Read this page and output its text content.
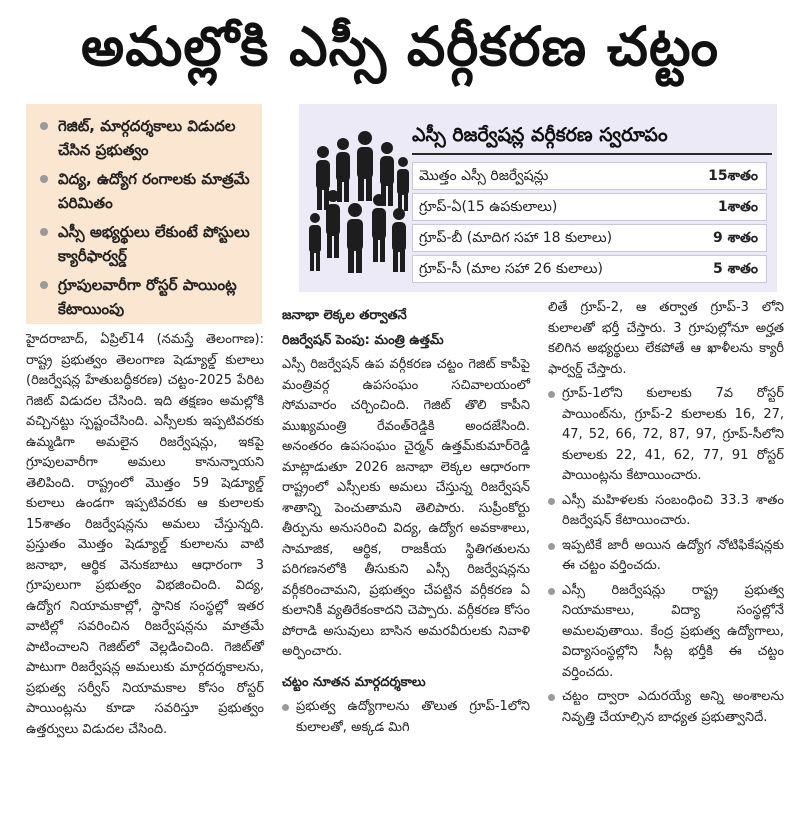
అమల్లోకి ఎస్సీ వర్గీకరణ చట్టం
గెజిట్, మార్గదర్శకాలు విడుదల చేసిన ప్రభుత్వం
విద్య, ఉద్యోగ రంగాలకు మాత్రమే పరిమితం
ఎస్సీ అభ్యర్థులు లేకుంటే పోస్టులు క్యారీఫార్వర్డ్
గ్రూపులవారీగా రోస్టర్ పాయింట్ల కేటాయింపు
ఎస్సీ రిజర్వేషన్ల వర్గీకరణ స్వరూపం
మొత్తం ఎస్సీ రిజర్వేషన్లు	15శాతం
గ్రూప్-ఏ(15 ఉపకులాలు)	1శాతం
గ్రూప్-బీ (మాదిగ సహా 18 కులాలు)	9 శాతం
గ్రూప్-సీ (మాల సహా 26 కులాలు)	5 శాతం

హైదరాబాద్, ఏప్రిల్14 (నమస్తే తెలంగాణ): రాష్ట్ర ప్రభుత్వం తెలంగాణ షెడ్యూల్డ్ కులాలు (రిజర్వేషన్ల హేతుబద్ధీకరణ) చట్టం-2025 పేరిట గెజిట్ విడుదల చేసింది. ఇది తక్షణం అమల్లోకి వచ్చినట్టు స్పష్టంచేసింది. ఎస్సీలకు ఇప్పటివరకు ఉమ్మడిగా అమలైన రిజర్వేషన్లు, ఇకపై గ్రూపులవారీగా అమలు కానున్నాయని తెలిపింది. రాష్ట్రంలో మొత్తం 59 షెడ్యూల్డ్ కులాలు ఉండగా ఇప్పటివరకు ఆ కులాలకు 15శాతం రిజర్వేషన్లను అమలు చేస్తున్నది. ప్రస్తుతం మొత్తం షెడ్యూల్డ్ కులాలను వాటి జనాభా, ఆర్థిక వెనుకబాటు ఆధారంగా 3 గ్రూపులుగా ప్రభుత్వం విభజించింది. విద్య, ఉద్యోగ నియామకాల్లో, స్థానిక సంస్థల్లో ఇతర వాటిల్లో సవరించిన రిజర్వేషన్లను మాత్రమే పాటించాలని గెజిట్‌లో వెల్లడించింది. గెజిట్‌తో పాటుగా రిజర్వేషన్ల అమలుకు మార్గదర్శకాలను, ప్రభుత్వ సర్వీస్ నియామకాల కోసం రోస్టర్ పాయింట్లను కూడా సవరిస్తూ ప్రభుత్వం ఉత్తర్వులు విడుదల చేసింది.

జనాభా లెక్కల తర్వాతనే
రిజర్వేషన్ పెంపు: మంత్రి ఉత్తమ్

ఎస్సీ రిజర్వేషన్ ఉప వర్గీకరణ చట్టం గెజిట్ కాపీపై మంత్రివర్గ ఉపసంఘం సచివాలయంలో సోమవారం చర్చించింది. గెజిట్ తొలి కాపీని ముఖ్యమంత్రి రేవంత్‌రెడ్డికి అందజేసింది. అనంతరం ఉపసంఘం చైర్మన్ ఉత్తమ్‌కుమార్‌రెడ్డి మాట్లాడుతూ 2026 జనాభా లెక్కల ఆధారంగా రాష్ట్రంలో ఎస్సీలకు అమలు చేస్తున్న రిజర్వేషన్ శాతాన్ని పెంచుతామని తెలిపారు. సుప్రీంకోర్టు తీర్పును అనుసరించి విద్య, ఉద్యోగ అవకాశాలు, సామాజిక, ఆర్థిక, రాజకీయ స్థితిగతులను పరిగణనలోకి తీసుకుని ఎస్సీ రిజర్వేషన్లను వర్గీకరించామని, ప్రభుత్వం చేపట్టిన వర్గీకరణ ఏ కులానికీ వ్యతిరేకంకాదని చెప్పారు. వర్గీకరణ కోసం పోరాడి అసువులు బాసిన అమరవీరులకు నివాళి అర్పించారు.

చట్టం నూతన మార్గదర్శకాలు
ప్రభుత్వ ఉద్యోగాలను తొలుత గ్రూప్-1లోని కులాలతో, అక్కడ మిగి

లితే గ్రూప్-2, ఆ తర్వాత గ్రూప్-3 లోని కులాలతో భర్తీ చేస్తారు. 3 గ్రూపుల్లోనూ అర్హత కలిగిన అభ్యర్థులు లేకపోతే ఆ ఖాళీలను క్యారీ ఫార్వర్డ్ చేస్తారు.

గ్రూప్-1లోని కులాలకు 7వ రోస్టర్ పాయింట్‌ను, గ్రూప్-2 కులాలకు 16, 27, 47, 52, 66, 72, 87, 97, గ్రూప్-సీలోని కులాలకు 22, 41, 62, 77, 91 రోస్టర్ పాయింట్లను కేటాయించారు.
ఎస్సీ మహిళలకు సంబంధించి 33.3 శాతం రిజర్వేషన్ కేటాయించారు.
ఇప్పటికే జారీ అయిన ఉద్యోగ నోటిఫికేషన్లకు ఈ చట్టం వర్తించదు.
ఎస్సీ రిజర్వేషన్లు రాష్ట్ర ప్రభుత్వ నియామకాలు, విద్యా సంస్థల్లోనే అమలవుతాయి. కేంద్ర ప్రభుత్వ ఉద్యోగాలు, విద్యాసంస్థల్లోని సీట్ల భర్తీకి ఈ చట్టం వర్తించదు.
చట్టం ద్వారా ఎదురయ్యే అన్ని అంశాలను నివృత్తి చేయాల్సిన బాధ్యత ప్రభుత్వానిదే.
